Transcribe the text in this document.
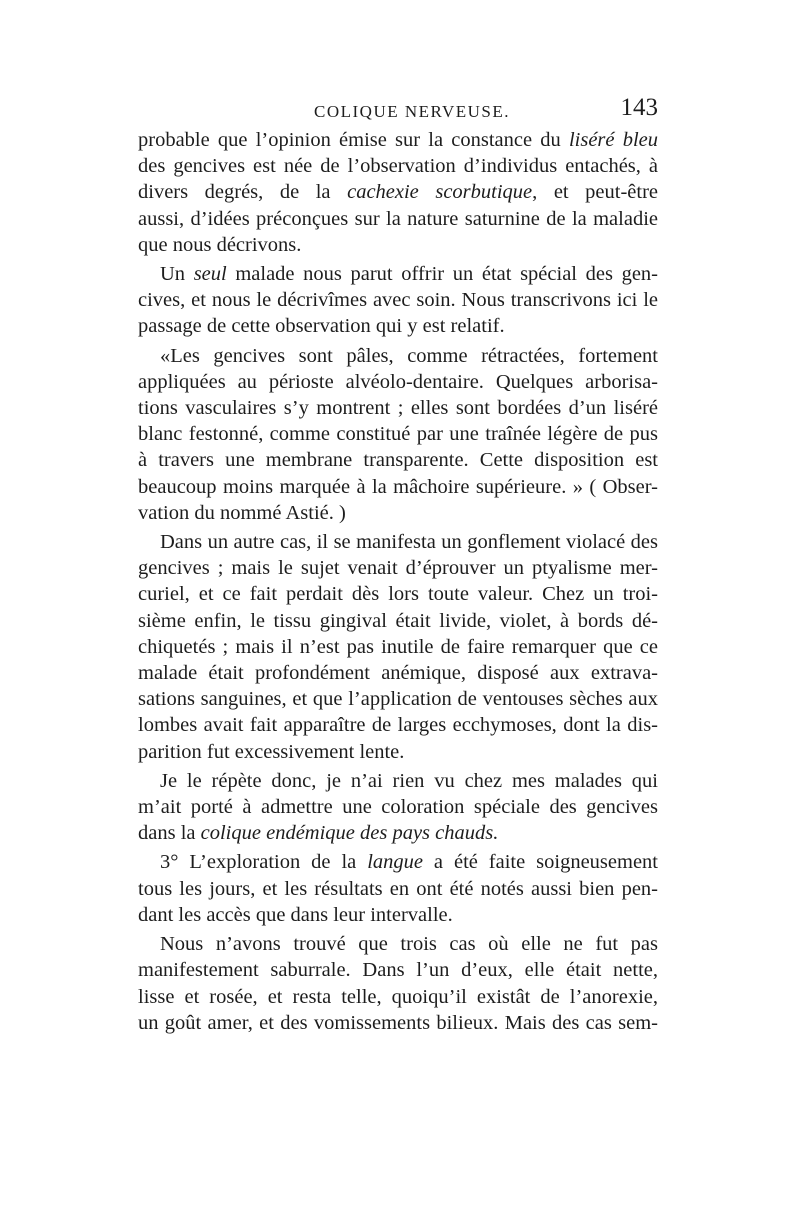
COLIQUE NERVEUSE.	143
probable que l’opinion émise sur la constance du liséré bleu
des gencives est née de l’observation d’individus entachés, à
divers degrés, de la cachexie scorbutique, et peut-être
aussi, d’idées préconçues sur la nature saturnine de la maladie
que nous décrivons.
Un seul malade nous parut offrir un état spécial des gen-
cives, et nous le décrivîmes avec soin. Nous transcrivons ici le
passage de cette observation qui y est relatif.
«Les gencives sont pâles, comme rétractées, fortement
appliquées au périoste alvéolo-dentaire. Quelques arborisa-
tions vasculaires s’y montrent ; elles sont bordées d’un liséré
blanc festonné, comme constitué par une traînée légère de pus
à travers une membrane transparente. Cette disposition est
beaucoup moins marquée à la mâchoire supérieure. » ( Obser-
vation du nommé Astié. )
Dans un autre cas, il se manifesta un gonflement violacé des
gencives ; mais le sujet venait d’éprouver un ptyalisme mer-
curiel, et ce fait perdait dès lors toute valeur. Chez un troi-
sième enfin, le tissu gingival était livide, violet, à bords dé-
chiquetés ; mais il n’est pas inutile de faire remarquer que ce
malade était profondément anémique, disposé aux extrava-
sations sanguines, et que l’application de ventouses sèches aux
lombes avait fait apparaître de larges ecchymoses, dont la dis-
parition fut excessivement lente.
Je le répète donc, je n’ai rien vu chez mes malades qui
m’ait porté à admettre une coloration spéciale des gencives
dans la colique endémique des pays chauds.
3° L’exploration de la langue a été faite soigneusement
tous les jours, et les résultats en ont été notés aussi bien pen-
dant les accès que dans leur intervalle.
Nous n’avons trouvé que trois cas où elle ne fut pas
manifestement saburrale. Dans l’un d’eux, elle était nette,
lisse et rosée, et resta telle, quoiqu’il existât de l’anorexie,
un goût amer, et des vomissements bilieux. Mais des cas sem-
